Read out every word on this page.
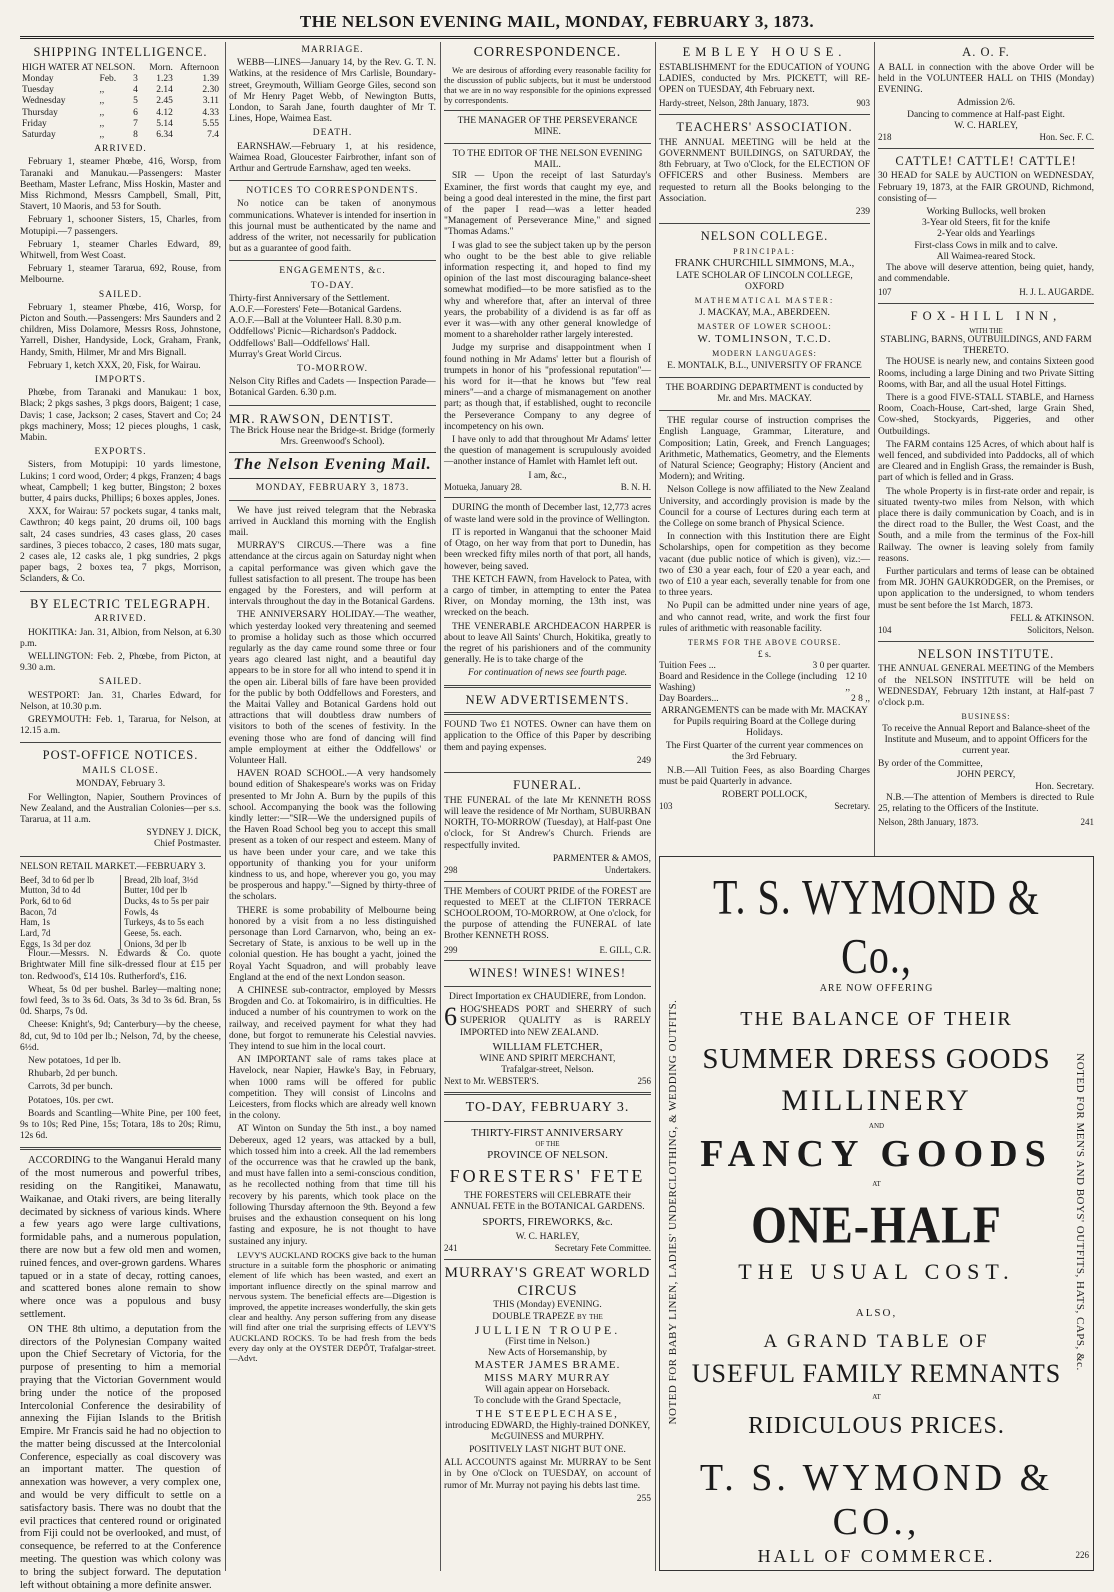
THE NELSON EVENING MAIL, MONDAY, FEBRUARY 3, 1873.
SHIPPING INTELLIGENCE.
HIGH WATER AT NELSON.			Morn.	Afternoon
Monday	Feb.	3	1.23	1.39
Tuesday	,,	4	2.14	2.30
Wednesday	,,	5	2.45	3.11
Thursday	,,	6	4.12	4.33
Friday	,,	7	5.14	5.55
Saturday	,,	8	6.34	7.4
ARRIVED.

February 1, steamer Phœbe, 416, Worsp, from Taranaki and Manukau.—Passengers: Master Beetham, Master Lefranc, Miss Hoskin, Master and Miss Richmond, Messrs Campbell, Small, Pitt, Stavert, 10 Maoris, and 53 for South.

February 1, schooner Sisters, 15, Charles, from Motupipi.—7 passengers.

February 1, steamer Charles Edward, 89, Whitwell, from West Coast.

February 1, steamer Tararua, 692, Rouse, from Melbourne.

SAILED.

February 1, steamer Phœbe, 416, Worsp, for Picton and South.—Passengers: Mrs Saunders and 2 children, Miss Dolamore, Messrs Ross, Johnstone, Yarrell, Disher, Handyside, Lock, Graham, Frank, Handy, Smith, Hilmer, Mr and Mrs Bignall.

February 1, ketch XXX, 20, Fisk, for Wairau.

IMPORTS.

Phœbe, from Taranaki and Manukau: 1 box, Black; 2 pkgs sashes, 3 pkgs doors, Baigent; 1 case, Davis; 1 case, Jackson; 2 cases, Stavert and Co; 24 pkgs machinery, Moss; 12 pieces ploughs, 1 cask, Mabin.

EXPORTS.

Sisters, from Motupipi: 10 yards limestone, Lukins; 1 cord wood, Order; 4 pkgs, Franzen; 4 bags wheat, Campbell; 1 keg butter, Bingston; 2 boxes butter, 4 pairs ducks, Phillips; 6 boxes apples, Jones.

XXX, for Wairau: 57 pockets sugar, 4 tanks malt, Cawthron; 40 kegs paint, 20 drums oil, 100 bags salt, 24 cases sundries, 43 cases glass, 20 cases sardines, 3 pieces tobacco, 2 cases, 180 mats sugar, 2 cases ale, 12 casks ale, 1 pkg sundries, 2 pkgs paper bags, 2 boxes tea, 7 pkgs, Morrison, Sclanders, & Co.

BY ELECTRIC TELEGRAPH.
ARRIVED.

HOKITIKA: Jan. 31, Albion, from Nelson, at 6.30 p.m.

WELLINGTON: Feb. 2, Phœbe, from Picton, at 9.30 a.m.

SAILED.

WESTPORT: Jan. 31, Charles Edward, for Nelson, at 10.30 p.m.

GREYMOUTH: Feb. 1, Tararua, for Nelson, at 12.15 a.m.

POST-OFFICE NOTICES.
MAILS CLOSE.

MONDAY, February 3.

For Wellington, Napier, Southern Provinces of New Zealand, and the Australian Colonies—per s.s. Tararua, at 11 a.m.

SYDNEY J. DICK,
Chief Postmaster.
NELSON RETAIL MARKET.—FEBRUARY 3.
Beef, 3d to 6d per lb
Mutton, 3d to 4d
Pork, 6d to 6d
Bacon, 7d
Ham, 1s
Lard, 7d
Eggs, 1s 3d per doz
Bread, 2lb loaf, 3½d
Butter, 10d per lb
Ducks, 4s to 5s per pair
Fowls, 4s
Turkeys, 4s to 5s each
Geese, 5s. each.
Onions, 3d per lb

Flour.—Messrs. N. Edwards & Co. quote Brightwater Mill fine silk-dressed flour at £15 per ton. Redwood's, £14 10s. Rutherford's, £16.

Wheat, 5s 0d per bushel. Barley—malting none; fowl feed, 3s to 3s 6d. Oats, 3s 3d to 3s 6d. Bran, 5s 0d. Sharps, 7s 0d.

Cheese: Knight's, 9d; Canterbury—by the cheese, 8d, cut, 9d to 10d per lb.; Nelson, 7d, by the cheese, 6½d.

New potatoes, 1d per lb.

Rhubarb, 2d per bunch.

Carrots, 3d per bunch.

Potatoes, 10s. per cwt.

Boards and Scantling—White Pine, per 100 feet, 9s to 10s; Red Pine, 15s; Totara, 18s to 20s; Rimu, 12s 6d.

ACCORDING to the Wanganui Herald many of the most numerous and powerful tribes, residing on the Rangitikei, Manawatu, Waikanae, and Otaki rivers, are being literally decimated by sickness of various kinds. Where a few years ago were large cultivations, formidable pahs, and a numerous population, there are now but a few old men and women, ruined fences, and over-grown gardens. Whares tapued or in a state of decay, rotting canoes, and scattered bones alone remain to show where once was a populous and busy settlement.

ON THE 8th ultimo, a deputation from the directors of the Polynesian Company waited upon the Chief Secretary of Victoria, for the purpose of presenting to him a memorial praying that the Victorian Government would bring under the notice of the proposed Intercolonial Conference the desirability of annexing the Fijian Islands to the British Empire. Mr Francis said he had no objection to the matter being discussed at the Intercolonial Conference, especially as coal discovery was an important matter. The question of annexation was however, a very complex one, and would be very difficult to settle on a satisfactory basis. There was no doubt that the evil practices that centered round or originated from Fiji could not be overlooked, and must, of consequence, be referred to at the Conference meeting. The question was which colony was to bring the subject forward. The deputation left without obtaining a more definite answer.

MARRIAGE.

WEBB—LINES—January 14, by the Rev. G. T. N. Watkins, at the residence of Mrs Carlisle, Boundary-street, Greymouth, William George Giles, second son of Mr Henry Paget Webb, of Newington Butts, London, to Sarah Jane, fourth daughter of Mr T. Lines, Hope, Waimea East.

DEATH.

EARNSHAW.—February 1, at his residence, Waimea Road, Gloucester Fairbrother, infant son of Arthur and Gertrude Earnshaw, aged ten weeks.

NOTICES TO CORRESPONDENTS.

No notice can be taken of anonymous communications. Whatever is intended for insertion in this journal must be authenticated by the name and address of the writer, not necessarily for publication but as a guarantee of good faith.

ENGAGEMENTS, &c.
TO-DAY.
Thirty-first Anniversary of the Settlement.
A.O.F.—Foresters' Fete—Botanical Gardens.
A.O.F.—Ball at the Volunteer Hall. 8.30 p.m.
Oddfellows' Picnic—Richardson's Paddock.
Oddfellows' Ball—Oddfellows' Hall.
Murray's Great World Circus.
TO-MORROW.
Nelson City Rifles and Cadets — Inspection Parade—Botanical Garden. 6.30 p.m.
MR. RAWSON, DENTIST.

The Brick House near the Bridge-st. Bridge (formerly Mrs. Greenwood's School).

The Nelson Evening Mail.
MONDAY, FEBRUARY 3, 1873.

We have just reived telegram that the Nebraska arrived in Auckland this morning with the English mail.

MURRAY'S CIRCUS.—There was a fine attendance at the circus again on Saturday night when a capital performance was given which gave the fullest satisfaction to all present. The troupe has been engaged by the Foresters, and will perform at intervals throughout the day in the Botanical Gardens.

THE ANNIVERSARY HOLIDAY.—The weather, which yesterday looked very threatening and seemed to promise a holiday such as those which occurred regularly as the day came round some three or four years ago cleared last night, and a beautiful day appears to be in store for all who intend to spend it in the open air. Liberal bills of fare have been provided for the public by both Oddfellows and Foresters, and the Maitai Valley and Botanical Gardens hold out attractions that will doubtless draw numbers of visitors to both of the scenes of festivity. In the evening those who are fond of dancing will find ample employment at either the Oddfellows' or Volunteer Hall.

HAVEN ROAD SCHOOL.—A very handsomely bound edition of Shakespeare's works was on Friday presented to Mr John A. Burn by the pupils of this school. Accompanying the book was the following kindly letter:—"SIR—We the undersigned pupils of the Haven Road School beg you to accept this small present as a token of our respect and esteem. Many of us have been under your care, and we take this opportunity of thanking you for your uniform kindness to us, and hope, wherever you go, you may be prosperous and happy."—Signed by thirty-three of the scholars.

THERE is some probability of Melbourne being honored by a visit from a no less distinguished personage than Lord Carnarvon, who, being an ex-Secretary of State, is anxious to be well up in the colonial question. He has bought a yacht, joined the Royal Yacht Squadron, and will probably leave England at the end of the next London season.

A CHINESE sub-contractor, employed by Messrs Brogden and Co. at Tokomairiro, is in difficulties. He induced a number of his countrymen to work on the railway, and received payment for what they had done, but forgot to remunerate his Celestial navvies. They intend to sue him in the local court.

AN IMPORTANT sale of rams takes place at Havelock, near Napier, Hawke's Bay, in February, when 1000 rams will be offered for public competition. They will consist of Lincolns and Leicesters, from flocks which are already well known in the colony.

AT Winton on Sunday the 5th inst., a boy named Debereux, aged 12 years, was attacked by a bull, which tossed him into a creek. All the lad remembers of the occurrence was that he crawled up the bank, and must have fallen into a semi-conscious condition, as he recollected nothing from that time till his recovery by his parents, which took place on the following Thursday afternoon the 9th. Beyond a few bruises and the exhaustion consequent on his long fasting and exposure, he is not thought to have sustained any injury.

LEVY'S AUCKLAND ROCKS give back to the human structure in a suitable form the phosphoric or animating element of life which has been wasted, and exert an important influence directly on the spinal marrow and nervous system. The beneficial effects are—Digestion is improved, the appetite increases wonderfully, the skin gets clear and healthy. Any person suffering from any disease will find after one trial the surprising effects of LEVY'S AUCKLAND ROCKS. To be had fresh from the beds every day only at the OYSTER DEPÔT, Trafalgar-street.—Advt.

CORRESPONDENCE.

We are desirous of affording every reasonable facility for the discussion of public subjects, but it must be understood that we are in no way responsible for the opinions expressed by correspondents.

THE MANAGER OF THE PERSEVERANCE MINE.
TO THE EDITOR OF THE NELSON EVENING MAIL.

SIR — Upon the receipt of last Saturday's Examiner, the first words that caught my eye, and being a good deal interested in the mine, the first part of the paper I read—was a letter headed "Management of Perseverance Mine," and signed "Thomas Adams."

I was glad to see the subject taken up by the person who ought to be the best able to give reliable information respecting it, and hoped to find my opinion of the last most discouraging balance-sheet somewhat modified—to be more satisfied as to the why and wherefore that, after an interval of three years, the probability of a dividend is as far off as ever it was—with any other general knowledge of moment to a shareholder rather largely interested.

Judge my surprise and disappointment when I found nothing in Mr Adams' letter but a flourish of trumpets in honor of his "professional reputation"—his word for it—that he knows but "few real miners"—and a charge of mismanagement on another part; as though that, if established, ought to reconcile the Perseverance Company to any degree of incompetency on his own.

I have only to add that throughout Mr Adams' letter the question of management is scrupulously avoided—another instance of Hamlet with Hamlet left out.

I am, &c.,
Motueka, January 28.	B. N. H.

DURING the month of December last, 12,773 acres of waste land were sold in the province of Wellington.

IT is reported in Wanganui that the schooner Maid of Otago, on her way from that port to Dunedin, has been wrecked fifty miles north of that port, all hands, however, being saved.

THE KETCH FAWN, from Havelock to Patea, with a cargo of timber, in attempting to enter the Patea River, on Monday morning, the 13th inst, was wrecked on the beach.

THE VENERABLE ARCHDEACON HARPER is about to leave All Saints' Church, Hokitika, greatly to the regret of his parishioners and of the community generally. He is to take charge of the

For continuation of news see fourth page.

NEW ADVERTISEMENTS.

FOUND Two £1 NOTES. Owner can have them on application to the Office of this Paper by describing them and paying expenses.

249
FUNERAL.

THE FUNERAL of the late Mr KENNETH ROSS will leave the residence of Mr Northam, SUBURBAN NORTH, TO-MORROW (Tuesday), at Half-past One o'clock, for St Andrew's Church. Friends are respectfully invited.

PARMENTER & AMOS,
298	Undertakers.

THE Members of COURT PRIDE of the FOREST are requested to MEET at the CLIFTON TERRACE SCHOOLROOM, TO-MORROW, at One o'clock, for the purpose of attending the FUNERAL of late Brother KENNETH ROSS.

299	E. GILL, C.R.
WINES! WINES! WINES!

Direct Importation ex CHAUDIERE, from London.

6 HOG'SHEADS PORT and SHERRY of such SUPERIOR QUALITY as is RARELY IMPORTED into NEW ZEALAND.

WILLIAM FLETCHER,
WINE AND SPIRIT MERCHANT,
Trafalgar-street, Nelson.
Next to Mr. WEBSTER'S.	256
TO-DAY, FEBRUARY 3.
THIRTY-FIRST ANNIVERSARY
OF THE
PROVINCE OF NELSON.
FORESTERS' FETE

THE FORESTERS will CELEBRATE their ANNUAL FETE in the BOTANICAL GARDENS.

SPORTS, FIREWORKS, &c.
W. C. HARLEY,
241	Secretary Fete Committee.
MURRAY'S GREAT WORLD CIRCUS
THIS (Monday) EVENING.
DOUBLE TRAPEZE by the
JULLIEN TROUPE.
(First time in Nelson.)
New Acts of Horsemanship, by
MASTER JAMES BRAME.
MISS MARY MURRAY
Will again appear on Horseback.
To conclude with the Grand Spectacle,
THE STEEPLECHASE,
introducing EDWARD, the Highly-trained DONKEY, McGUINESS and MURPHY.
POSITIVELY LAST NIGHT BUT ONE.

ALL ACCOUNTS against Mr. MURRAY to be Sent in by One o'Clock on TUESDAY, on account of rumor of Mr. Murray not paying his debts last time.

255
EMBLEY HOUSE.

ESTABLISHMENT for the EDUCATION of YOUNG LADIES, conducted by Mrs. PICKETT, will RE-OPEN on TUESDAY, 4th February next.

Hardy-street, Nelson, 28th January, 1873.	903
TEACHERS' ASSOCIATION.

THE ANNUAL MEETING will be held at the GOVERNMENT BUILDINGS, on SATURDAY, the 8th February, at Two o'Clock, for the ELECTION OF OFFICERS and other Business. Members are requested to return all the Books belonging to the Association.

239
NELSON COLLEGE.
PRINCIPAL:
FRANK CHURCHILL SIMMONS, M.A.,
LATE SCHOLAR OF LINCOLN COLLEGE, OXFORD
MATHEMATICAL MASTER:
J. MACKAY, M.A., ABERDEEN.
MASTER OF LOWER SCHOOL:
W. TOMLINSON, T.C.D.
MODERN LANGUAGES:
E. MONTALK, B.L., UNIVERSITY OF FRANCE

THE BOARDING DEPARTMENT is conducted by Mr. and Mrs. MACKAY.

THE regular course of instruction comprises the English Language, Grammar, Literature, and Composition; Latin, Greek, and French Languages; Arithmetic, Mathematics, Geometry, and the Elements of Natural Science; Geography; History (Ancient and Modern); and Writing.

Nelson College is now affiliated to the New Zealand University, and accordingly provision is made by the Council for a course of Lectures during each term at the College on some branch of Physical Science.

In connection with this Institution there are Eight Scholarships, open for competition as they become vacant (due public notice of which is given), viz.:—two of £30 a year each, four of £20 a year each, and two of £10 a year each, severally tenable for from one to three years.

No Pupil can be admitted under nine years of age, and who cannot read, write, and work the first four rules of arithmetic with reasonable facility.

TERMS FOR THE ABOVE COURSE.
£ s.
Tuition Fees ...	3 0 per quarter.
Board and Residence in the College (including Washing)
12 10 ,,
Day Boarders...	2 8 ,,

ARRANGEMENTS can be made with Mr. MACKAY for Pupils requiring Board at the College during Holidays.

The First Quarter of the current year commences on the 3rd February.

N.B.—All Tuition Fees, as also Boarding Charges must be paid Quarterly in advance.

ROBERT POLLOCK,
103	Secretary.
A. O. F.

A BALL in connection with the above Order will be held in the VOLUNTEER HALL on THIS (Monday) EVENING.

Admission 2/6.
Dancing to commence at Half-past Eight.
W. C. HARLEY,
218	Hon. Sec. F. C.
CATTLE! CATTLE! CATTLE!

30 HEAD for SALE by AUCTION on WEDNESDAY, February 19, 1873, at the FAIR GROUND, Richmond, consisting of—

Working Bullocks, well broken
3-Year old Steers, fit for the knife
2-Year olds and Yearlings
First-class Cows in milk and to calve.
All Waimea-reared Stock.

The above will deserve attention, being quiet, handy, and commendable.

107	H. J. L. AUGARDE.
FOX-HILL INN,
WITH THE
STABLING, BARNS, OUTBUILDINGS, AND FARM THERETO.

The HOUSE is nearly new, and contains Sixteen good Rooms, including a large Dining and two Private Sitting Rooms, with Bar, and all the usual Hotel Fittings.

There is a good FIVE-STALL STABLE, and Harness Room, Coach-House, Cart-shed, large Grain Shed, Cow-shed, Stockyards, Piggeries, and other Outbuildings.

The FARM contains 125 Acres, of which about half is well fenced, and subdivided into Paddocks, all of which are Cleared and in English Grass, the remainder is Bush, part of which is felled and in Grass.

The whole Property is in first-rate order and repair, is situated twenty-two miles from Nelson, with which place there is daily communication by Coach, and is in the direct road to the Buller, the West Coast, and the South, and a mile from the terminus of the Fox-hill Railway. The owner is leaving solely from family reasons.

Further particulars and terms of lease can be obtained from MR. JOHN GAUKRODGER, on the Premises, or upon application to the undersigned, to whom tenders must be sent before the 1st March, 1873.

FELL & ATKINSON.
104	Solicitors, Nelson.
NELSON INSTITUTE.

THE ANNUAL GENERAL MEETING of the Members of the NELSON INSTITUTE will be held on WEDNESDAY, February 12th instant, at Half-past 7 o'clock p.m.

BUSINESS:

To receive the Annual Report and Balance-sheet of the Institute and Museum, and to appoint Officers for the current year.

By order of the Committee,
JOHN PERCY,
Hon. Secretary.

N.B.—The attention of Members is directed to Rule 25, relating to the Officers of the Institute.

Nelson, 28th January, 1873.	241
NOTED FOR BABY LINEN, LADIES' UNDERCLOTHING, & WEDDING OUTFITS.	NOTED FOR MEN'S AND BOYS' OUTFITS, HATS, CAPS, &c.
T. S. WYMOND & Co.,
ARE NOW OFFERING
THE BALANCE OF THEIR
SUMMER DRESS GOODS
MILLINERY
AND
FANCY GOODS
AT
ONE-HALF
THE USUAL COST.
ALSO,
A GRAND TABLE OF
USEFUL FAMILY REMNANTS
AT
RIDICULOUS PRICES.
T. S. WYMOND & CO.,
HALL OF COMMERCE.	226
